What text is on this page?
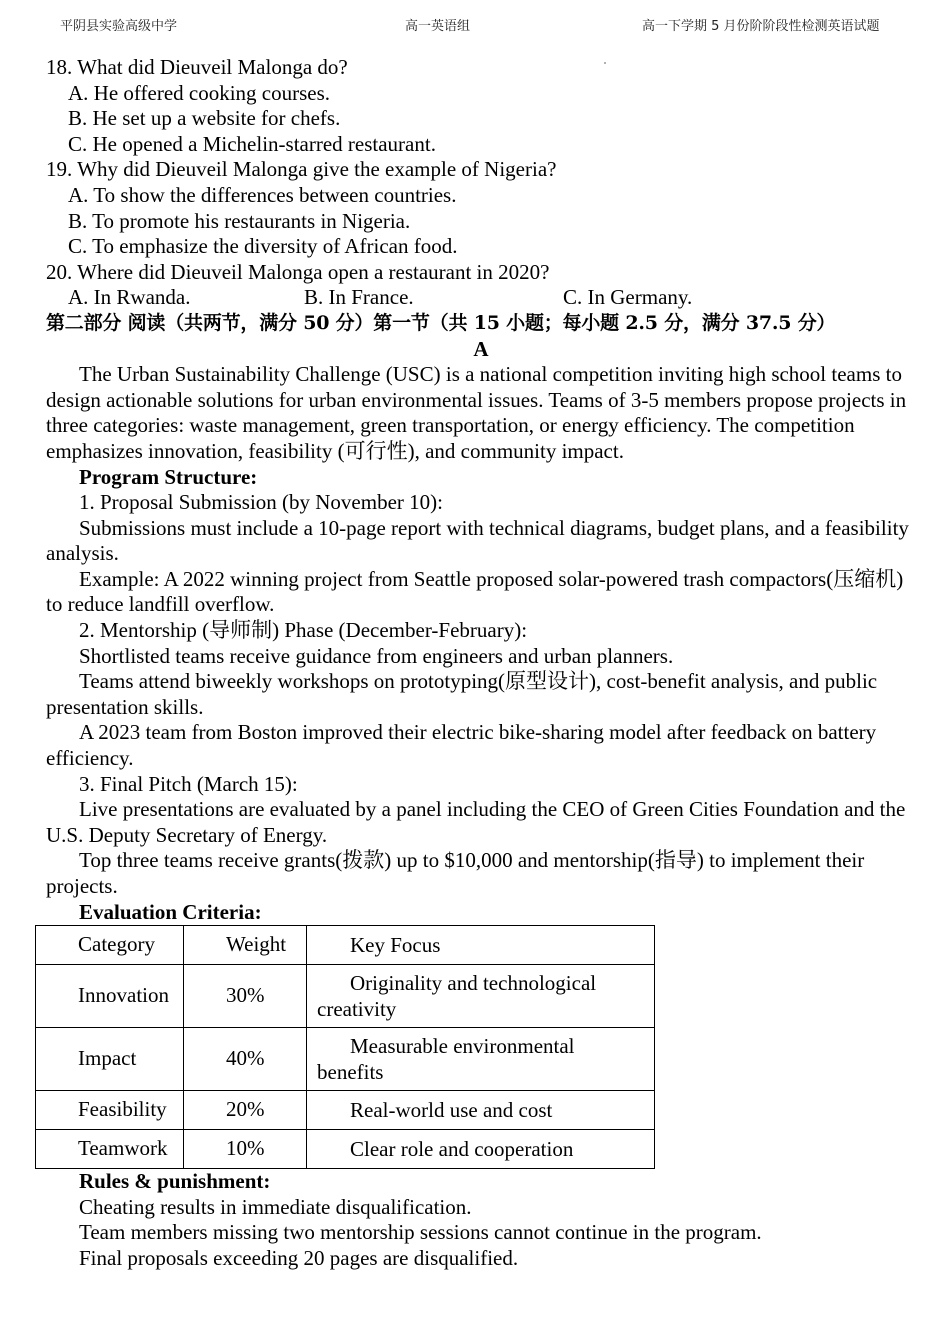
平阴县实验高级中学	高一英语组	高一下学期 5 月份阶阶段性检测英语试题
18. What did Dieuveil Malonga do?
A. He offered cooking courses.
B. He set up a website for chefs.
C. He opened a Michelin-starred restaurant.
19. Why did Dieuveil Malonga give the example of Nigeria?
A. To show the differences between countries.
B. To promote his restaurants in Nigeria.
C. To emphasize the diversity of African food.
20. Where did Dieuveil Malonga open a restaurant in 2020?
A. In Rwanda.	B. In France.	C. In Germany.
第二部分 阅读（共两节，满分 50 分）第一节（共 15 小题；每小题 2.5 分，满分 37.5 分）
A
The Urban Sustainability Challenge (USC) is a national competition inviting high school teams to design actionable solutions for urban environmental issues. Teams of 3-5 members propose projects in three categories: waste management, green transportation, or energy efficiency. The competition emphasizes innovation, feasibility (可行性), and community impact.
Program Structure:
1. Proposal Submission (by November 10):
Submissions must include a 10-page report with technical diagrams, budget plans, and a feasibility analysis.
Example: A 2022 winning project from Seattle proposed solar-powered trash compactors(压缩机) to reduce landfill overflow.
2. Mentorship (导师制) Phase (December-February):
Shortlisted teams receive guidance from engineers and urban planners.
Teams attend biweekly workshops on prototyping(原型设计), cost-benefit analysis, and public presentation skills.
A 2023 team from Boston improved their electric bike-sharing model after feedback on battery efficiency.
3. Final Pitch (March 15):
Live presentations are evaluated by a panel including the CEO of Green Cities Foundation and the U.S. Deputy Secretary of Energy.
Top three teams receive grants(拨款) up to $10,000 and mentorship(指导) to implement their projects.
Evaluation Criteria:
Category	Weight	Key Focus
Innovation	30%	Originality and technological
creativity

Impact	40%	Measurable environmental
benefits

Feasibility	20%	Real-world use and cost
Teamwork	10%	Clear role and cooperation
Rules & punishment:
Cheating results in immediate disqualification.
Team members missing two mentorship sessions cannot continue in the program.
Final proposals exceeding 20 pages are disqualified.
